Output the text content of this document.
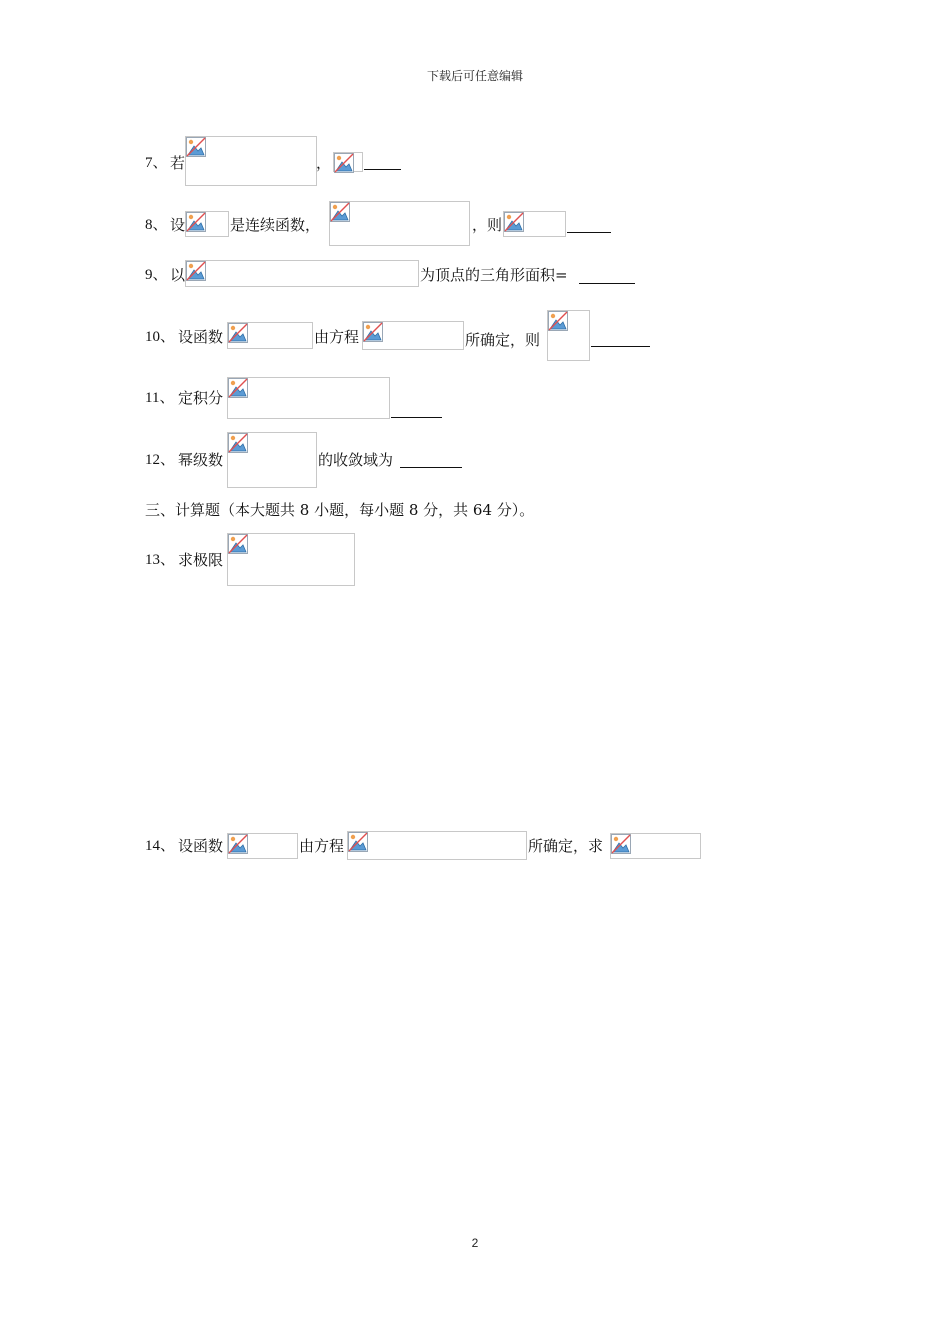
下载后可任意编辑
7、 若	，
8、 设	是连续函数，	，则
9、 以	为顶点的三角形面积=
10、 设函数	由方程	所确定，则
11、 定积分
12、 幂级数	的收敛域为
三、计算题（本大题共 8 小题，每小题 8 分，共 64 分）。
13、 求极限
14、 设函数	由方程	所确定，求
2
